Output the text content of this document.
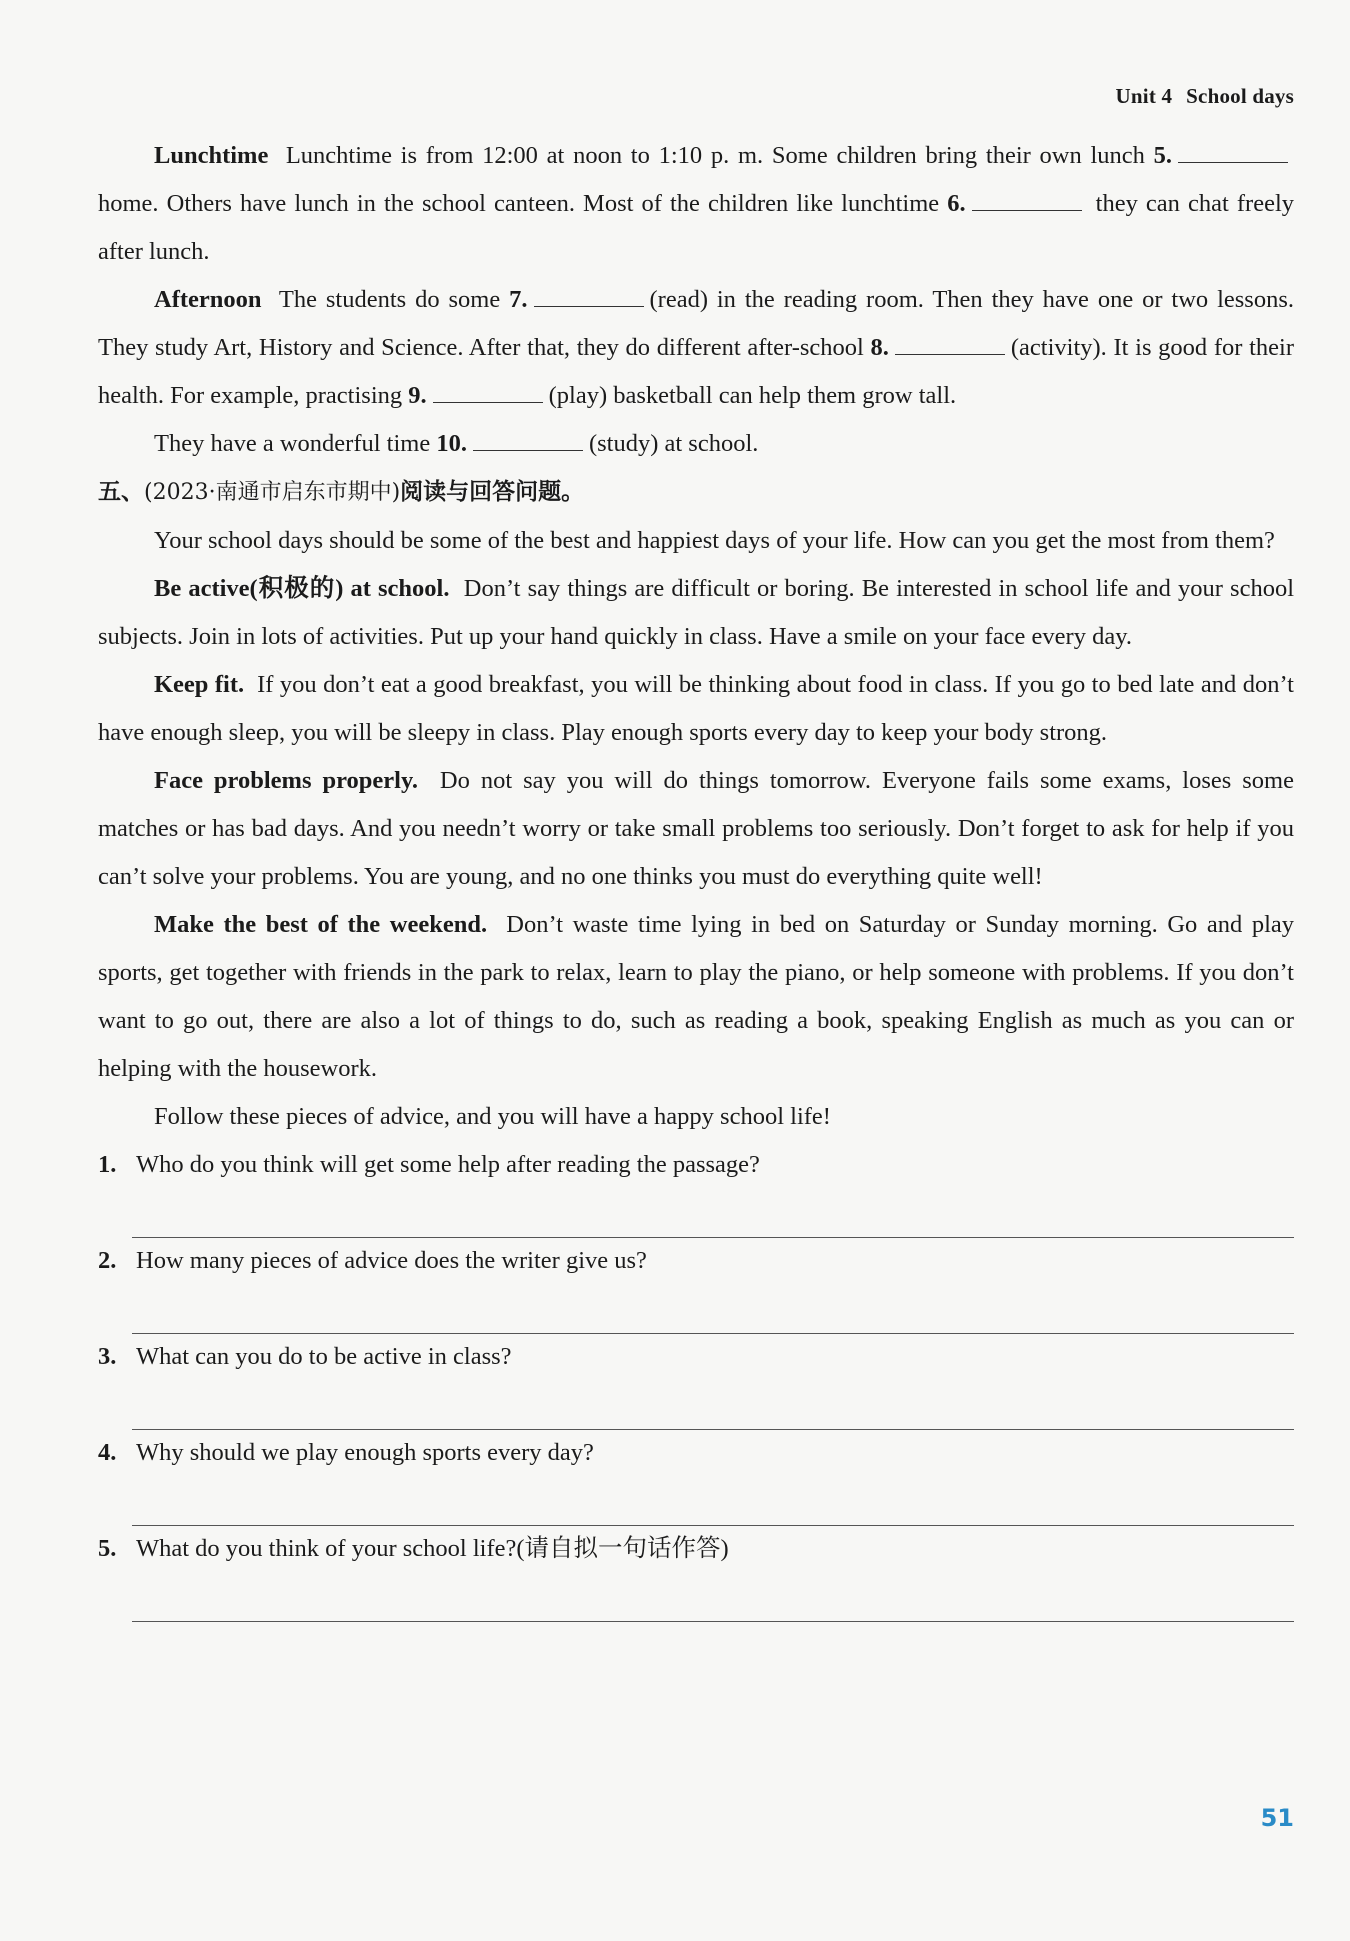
Unit 4 School days

Lunchtime Lunchtime is from 12:00 at noon to 1:10 p. m. Some children bring their own lunch 5. home. Others have lunch in the school canteen. Most of the children like lunchtime 6.	they can chat freely after lunch.

Afternoon The students do some 7.	(read) in the reading room. Then they have one or two lessons. They study Art, History and Science. After that, they do different after-school 8.	(activity). It is good for their health. For example, practising 9.	(play) basketball can help them grow tall.

They have a wonderful time 10.	(study) at school.

五、(2023·南通市启东市期中)阅读与回答问题。

Your school days should be some of the best and happiest days of your life. How can you get the most from them?

Be active(积极的) at school. Don’t say things are difficult or boring. Be interested in school life and your school subjects. Join in lots of activities. Put up your hand quickly in class. Have a smile on your face every day.

Keep fit. If you don’t eat a good breakfast, you will be thinking about food in class. If you go to bed late and don’t have enough sleep, you will be sleepy in class. Play enough sports every day to keep your body strong.

Face problems properly. Do not say you will do things tomorrow. Everyone fails some exams, loses some matches or has bad days. And you needn’t worry or take small problems too seriously. Don’t forget to ask for help if you can’t solve your problems. You are young, and no one thinks you must do everything quite well!

Make the best of the weekend. Don’t waste time lying in bed on Saturday or Sunday morning. Go and play sports, get together with friends in the park to relax, learn to play the piano, or help someone with problems. If you don’t want to go out, there are also a lot of things to do, such as reading a book, speaking English as much as you can or helping with the housework.

Follow these pieces of advice, and you will have a happy school life!

1. Who do you think will get some help after reading the passage?

2. How many pieces of advice does the writer give us?

3. What can you do to be active in class?

4. Why should we play enough sports every day?

5. What do you think of your school life?(请自拟一句话作答)

51
